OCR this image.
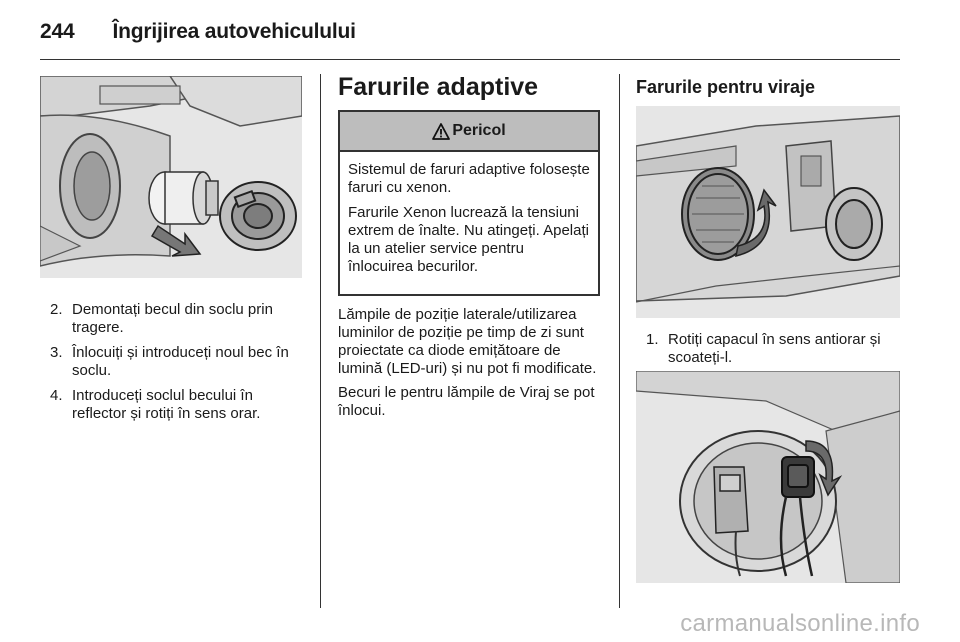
244 Îngrijirea autovehiculului
2. Demontați becul din soclu prin tragere.
3. Înlocuiți și introduceți noul bec în soclu.
4. Introduceți soclul becului în reflector și rotiți în sens orar.
Farurile adaptive
Pericol

Sistemul de faruri adaptive folosește faruri cu xenon.

Farurile Xenon lucrează la tensiuni extrem de înalte. Nu atingeți. Apelați la un atelier service pentru înlocuirea becurilor.

Lămpile de poziție laterale/utilizarea luminilor de poziție pe timp de zi sunt proiectate ca diode emițătoare de lumină (LED-uri) și nu pot fi modificate.

Becuri le pentru lămpile de Viraj se pot înlocui.

Farurile pentru viraje
1. Rotiți capacul în sens antiorar și scoateți-l.
carmanualsonline.info
